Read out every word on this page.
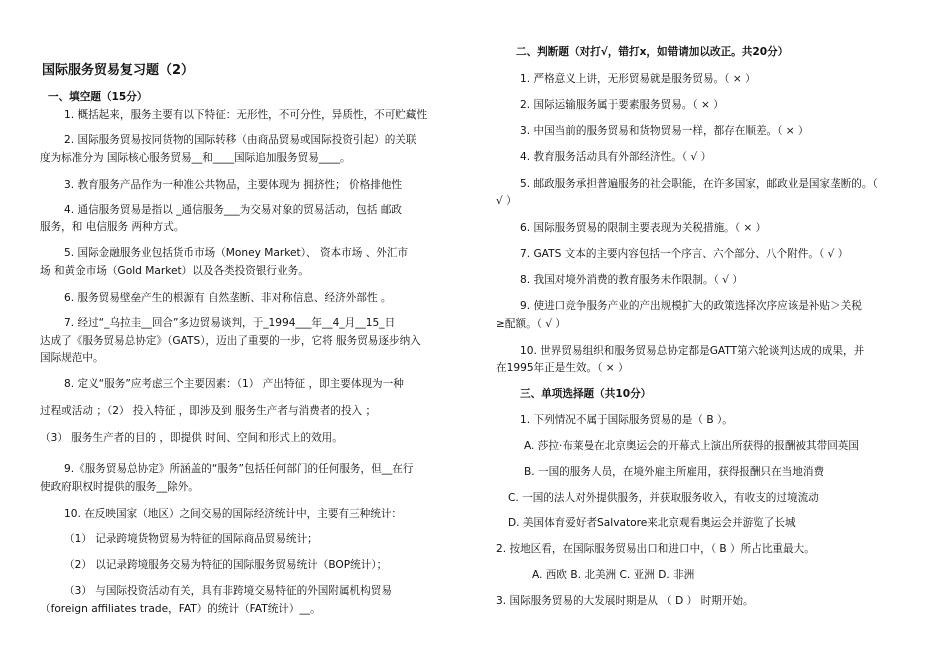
国际服务贸易复习题（2）
一、填空题（15分）
1. 概括起来，服务主要有以下特征：无形性，不可分性，异质性，不可贮藏性
2. 国际服务贸易按同货物的国际转移（由商品贸易或国际投资引起）的关联
度为标准分为 国际核心服务贸易__和____国际追加服务贸易____。
3. 教育服务产品作为一种准公共物品，主要体现为 拥挤性； 价格排他性
4. 通信服务贸易是指以 _通信服务___为交易对象的贸易活动，包括 邮政
服务，和 电信服务 两种方式。
5. 国际金融服务业包括货币市场（Money Market）、 资本市场 、外汇市
场 和黄金市场（Gold Market）以及各类投资银行业务。
6. 服务贸易壁垒产生的根源有 自然垄断、非对称信息、经济外部性 。
7. 经过“_乌拉圭__回合”多边贸易谈判，于_1994___年__4_月__15_日
达成了《服务贸易总协定》（GATS），迈出了重要的一步，它将 服务贸易逐步纳入
国际规范中。
8. 定义“服务”应考虑三个主要因素：（1） 产出特征 ，即主要体现为一种
过程或活动 ；（2） 投入特征 ，即涉及到 服务生产者与消费者的投入 ；
（3） 服务生产者的目的 ，即提供 时间、空间和形式上的效用。
9.《服务贸易总协定》所涵盖的“服务”包括任何部门的任何服务，但__在行
使政府职权时提供的服务__除外。
10. 在反映国家（地区）之间交易的国际经济统计中，主要有三种统计：
（1） 记录跨境货物贸易为特征的国际商品贸易统计；
（2） 以记录跨境服务交易为特征的国际服务贸易统计（BOP统计）；
（3） 与国际投资活动有关，具有非跨境交易特征的外国附属机构贸易
（foreign affiliates trade，FAT）的统计（FAT统计）__。
二、判断题（对打√，错打x，如错请加以改正。共20分）
1. 严格意义上讲，无形贸易就是服务贸易。（ × ）
2. 国际运输服务属于要素服务贸易。（ × ）
3. 中国当前的服务贸易和货物贸易一样，都存在顺差。（ × ）
4. 教育服务活动具有外部经济性。（ √ ）
5. 邮政服务承担普遍服务的社会职能，在许多国家，邮政业是国家垄断的。（
√ ）
6. 国际服务贸易的限制主要表现为关税措施。（ × ）
7. GATS 文本的主要内容包括一个序言、六个部分、八个附件。（ √ ）
8. 我国对境外消费的教育服务未作限制。（ √ ）
9. 使进口竞争服务产业的产出规模扩大的政策选择次序应该是补贴＞关税
≥配额。（ √ ）
10. 世界贸易组织和服务贸易总协定都是GATT第六轮谈判达成的成果，并
在1995年正是生效。（ × ）
三、单项选择题（共10分）
1. 下列情况不属于国际服务贸易的是（ B ）。
A. 莎拉·布莱曼在北京奥运会的开幕式上演出所获得的报酬被其带回英国
B. 一国的服务人员，在境外雇主所雇用，获得报酬只在当地消费
C. 一国的法人对外提供服务，并获取服务收入，有收支的过境流动
D. 美国体育爱好者Salvatore来北京观看奥运会并游览了长城
2. 按地区看，在国际服务贸易出口和进口中，（ B ）所占比重最大。
A. 西欧 B. 北美洲 C. 亚洲 D. 非洲
3. 国际服务贸易的大发展时期是从 （ D ） 时期开始。
